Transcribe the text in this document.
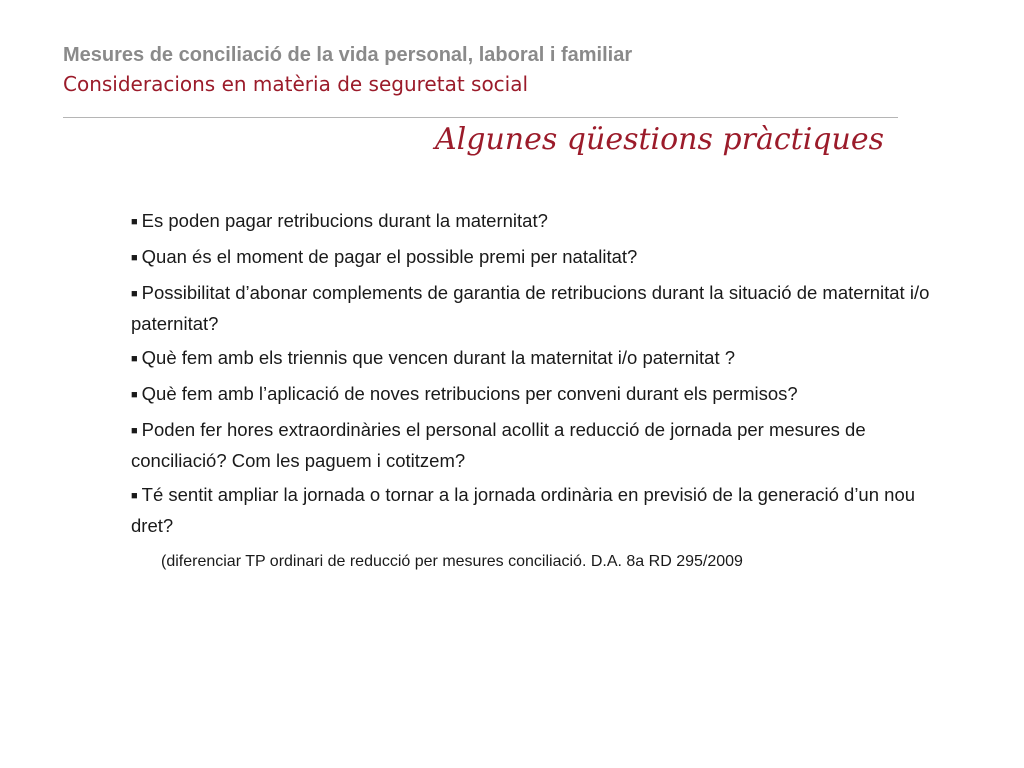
Mesures de conciliació de la vida personal, laboral i familiar
Consideracions en matèria de seguretat social
Algunes qüestions pràctiques
■ Es poden pagar retribucions durant la maternitat?
■ Quan és el moment de pagar el possible premi per natalitat?
■ Possibilitat d’abonar complements de garantia de retribucions durant la situació de maternitat i/o paternitat?
■ Què fem amb els triennis que vencen durant la maternitat i/o paternitat ?
■ Què fem amb l’aplicació de noves retribucions per conveni durant els permisos?
■ Poden fer hores extraordinàries el personal acollit a reducció de jornada per mesures de conciliació? Com les paguem i cotitzem?
■ Té sentit ampliar la jornada o tornar a la jornada ordinària en previsió de la generació d’un nou dret?
(diferenciar TP ordinari de reducció per mesures conciliació. D.A. 8a RD 295/2009
